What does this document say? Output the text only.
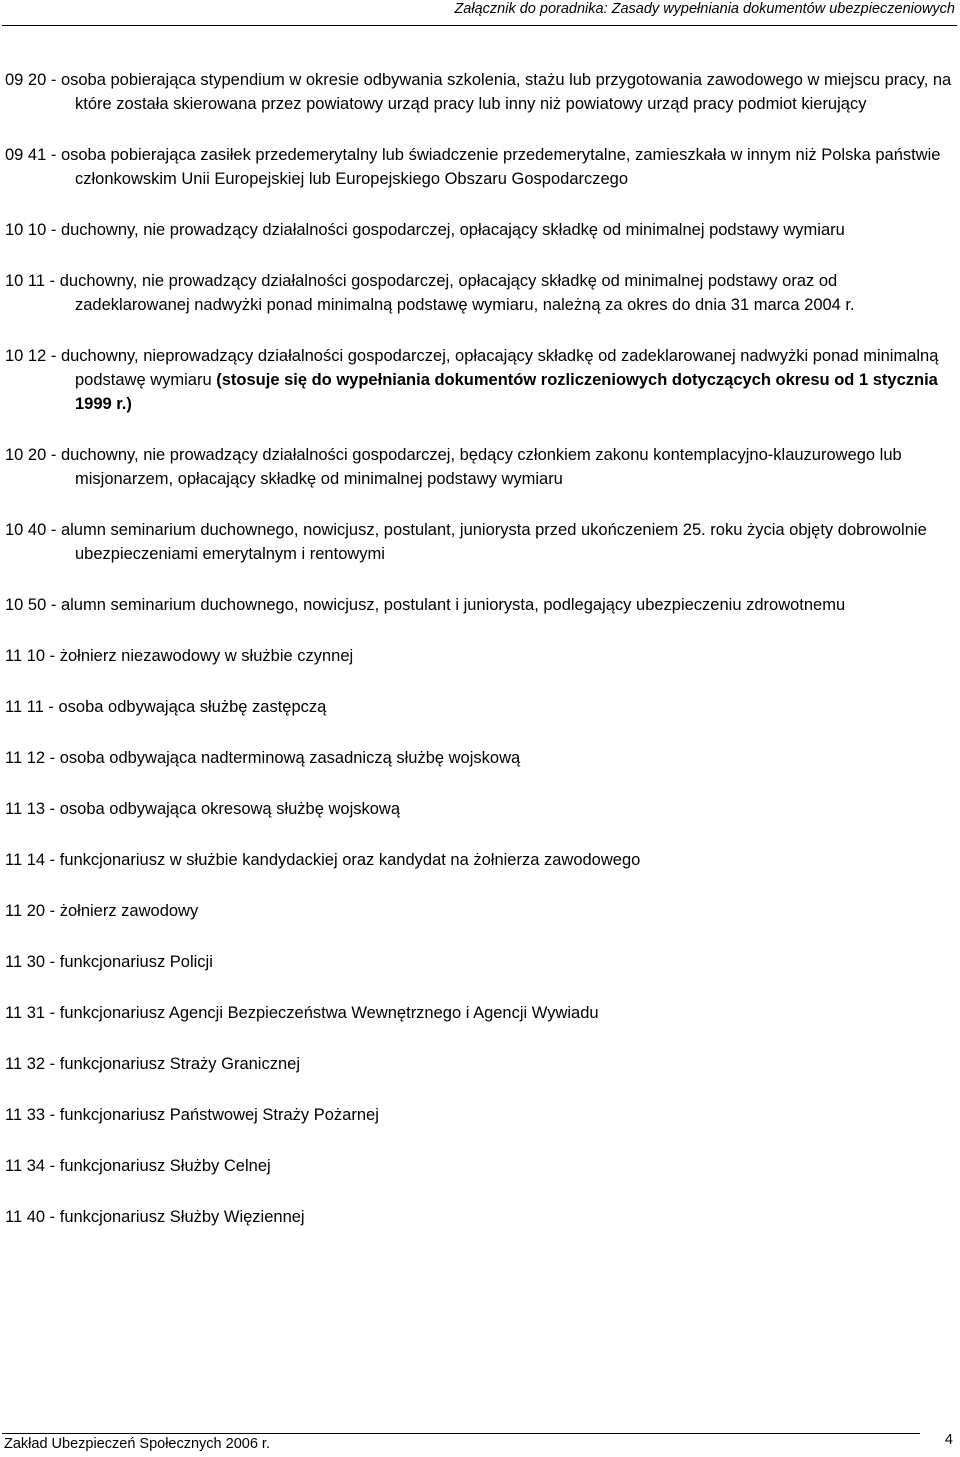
Załącznik do poradnika: Zasady wypełniania dokumentów ubezpieczeniowych

09 20 - osoba pobierająca stypendium w okresie odbywania szkolenia, stażu lub przygotowania zawodowego w miejscu pracy, na które została skierowana przez powiatowy urząd pracy lub inny niż powiatowy urząd pracy podmiot kierujący

09 41 - osoba pobierająca zasiłek przedemerytalny lub świadczenie przedemerytalne, zamieszkała w innym niż Polska państwie członkowskim Unii Europejskiej lub Europejskiego Obszaru Gospodarczego

10 10 - duchowny, nie prowadzący działalności gospodarczej, opłacający składkę od minimalnej podstawy wymiaru

10 11 - duchowny, nie prowadzący działalności gospodarczej, opłacający składkę od minimalnej podstawy oraz od zadeklarowanej nadwyżki ponad minimalną podstawę wymiaru, należną za okres do dnia 31 marca 2004 r.

10 12 - duchowny, nieprowadzący działalności gospodarczej, opłacający składkę od zadeklarowanej nadwyżki ponad minimalną podstawę wymiaru (stosuje się do wypełniania dokumentów rozliczeniowych dotyczących okresu od 1 stycznia 1999 r.)

10 20 - duchowny, nie prowadzący działalności gospodarczej, będący członkiem zakonu kontemplacyjno-klauzurowego lub misjonarzem, opłacający składkę od minimalnej podstawy wymiaru

10 40 - alumn seminarium duchownego, nowicjusz, postulant, juniorysta przed ukończeniem 25. roku życia objęty dobrowolnie ubezpieczeniami emerytalnym i rentowymi

10 50 - alumn seminarium duchownego, nowicjusz, postulant i juniorysta, podlegający ubezpieczeniu zdrowotnemu

11 10 - żołnierz niezawodowy w służbie czynnej

11 11 - osoba odbywająca służbę zastępczą

11 12 - osoba odbywająca nadterminową zasadniczą służbę wojskową

11 13 - osoba odbywająca okresową służbę wojskową

11 14 - funkcjonariusz w służbie kandydackiej oraz kandydat na żołnierza zawodowego

11 20 - żołnierz zawodowy

11 30 - funkcjonariusz Policji

11 31 - funkcjonariusz Agencji Bezpieczeństwa Wewnętrznego i Agencji Wywiadu

11 32 - funkcjonariusz Straży Granicznej

11 33 - funkcjonariusz Państwowej Straży Pożarnej

11 34 - funkcjonariusz Służby Celnej

11 40 - funkcjonariusz Służby Więziennej

Zakład Ubezpieczeń Społecznych 2006 r.	4
